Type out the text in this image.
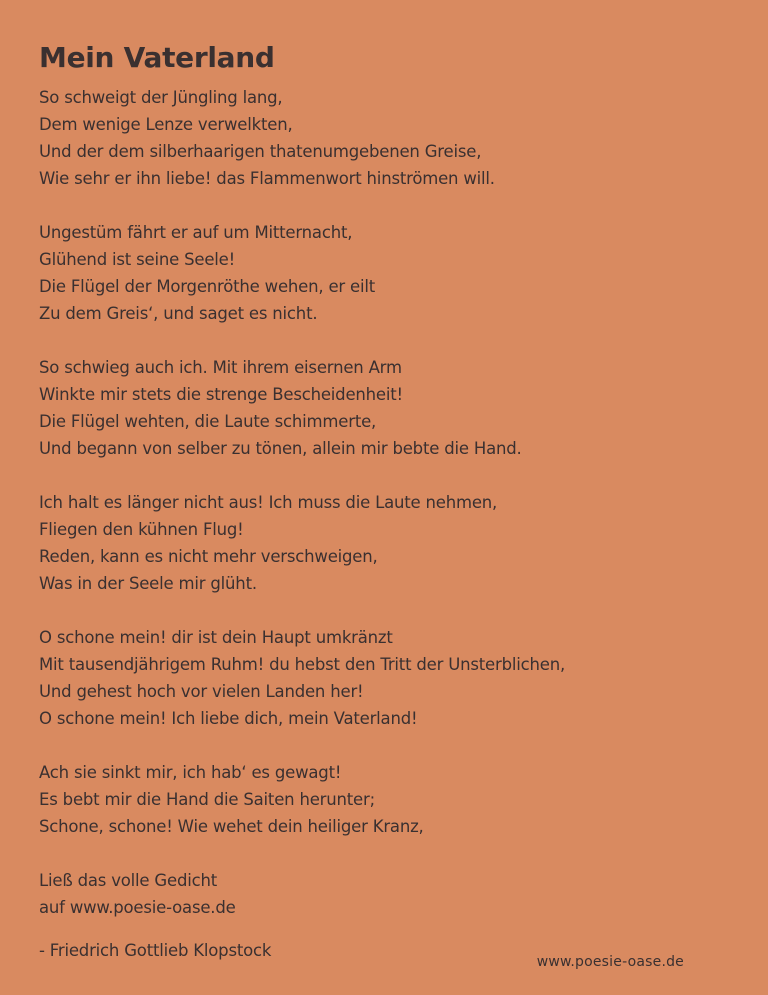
Mein Vaterland
So schweigt der Jüngling lang,
Dem wenige Lenze verwelkten,
Und der dem silberhaarigen thatenumgebenen Greise,
Wie sehr er ihn liebe! das Flammenwort hinströmen will.
Ungestüm fährt er auf um Mitternacht,
Glühend ist seine Seele!
Die Flügel der Morgenröthe wehen, er eilt
Zu dem Greis‘, und saget es nicht.
So schwieg auch ich. Mit ihrem eisernen Arm
Winkte mir stets die strenge Bescheidenheit!
Die Flügel wehten, die Laute schimmerte,
Und begann von selber zu tönen, allein mir bebte die Hand.
Ich halt es länger nicht aus! Ich muss die Laute nehmen,
Fliegen den kühnen Flug!
Reden, kann es nicht mehr verschweigen,
Was in der Seele mir glüht.
O schone mein! dir ist dein Haupt umkränzt
Mit tausendjährigem Ruhm! du hebst den Tritt der Unsterblichen,
Und gehest hoch vor vielen Landen her!
O schone mein! Ich liebe dich, mein Vaterland!
Ach sie sinkt mir, ich hab‘ es gewagt!
Es bebt mir die Hand die Saiten herunter;
Schone, schone! Wie wehet dein heiliger Kranz,
Ließ das volle Gedicht
auf www.poesie-oase.de
- Friedrich Gottlieb Klopstock
www.poesie-oase.de
